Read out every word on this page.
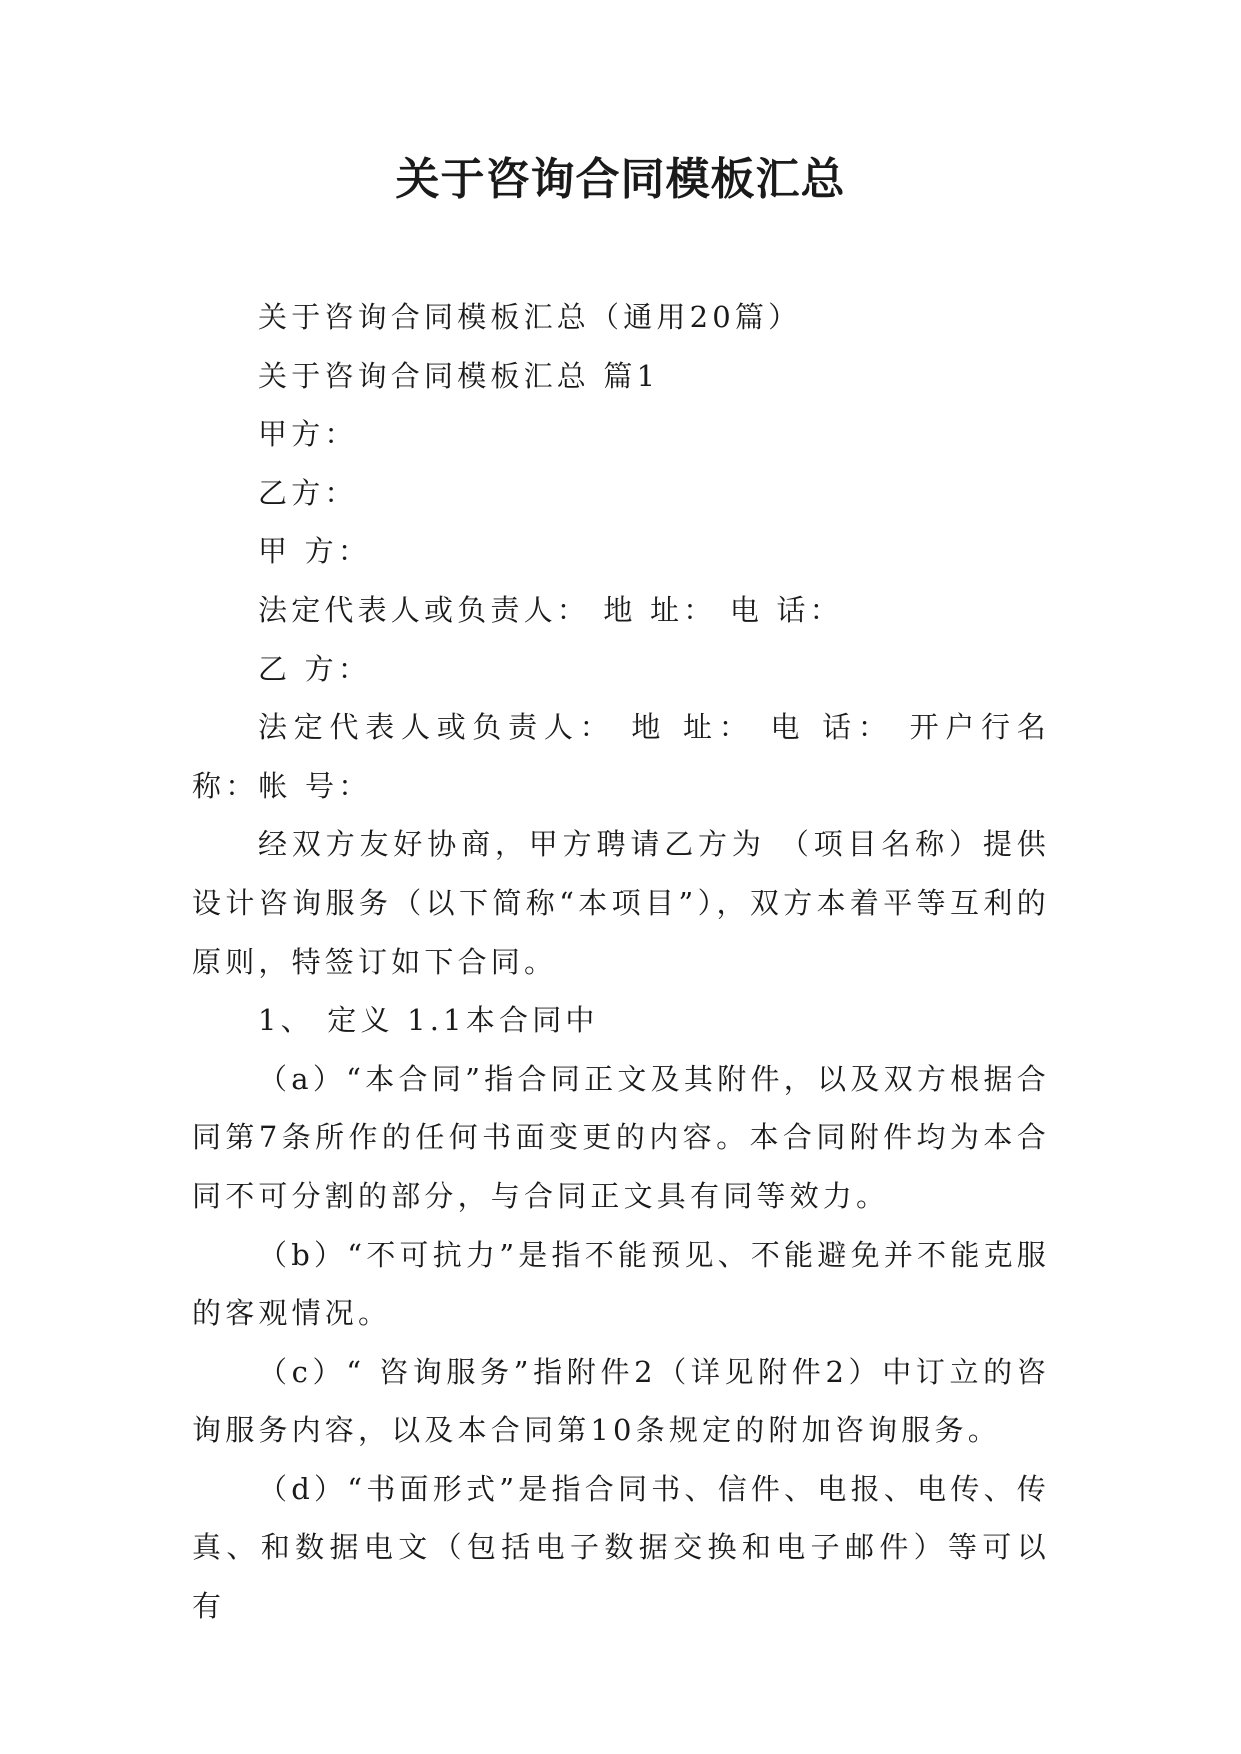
关于咨询合同模板汇总

关于咨询合同模板汇总（通用20篇）

关于咨询合同模板汇总 篇1

甲方：

乙方：

甲 方：

法定代表人或负责人： 地 址： 电 话：

乙 方：

法定代表人或负责人： 地 址： 电 话： 开户行名称：帐 号：

经双方友好协商，甲方聘请乙方为 （项目名称）提供设计咨询服务（以下简称“本项目”），双方本着平等互利的原则，特签订如下合同。

1、 定义 1.1本合同中

（a）“本合同”指合同正文及其附件，以及双方根据合同第7条所作的任何书面变更的内容。本合同附件均为本合同不可分割的部分，与合同正文具有同等效力。

（b）“不可抗力”是指不能预见、不能避免并不能克服的客观情况。

（c）“ 咨询服务”指附件2（详见附件2）中订立的咨询服务内容，以及本合同第10条规定的附加咨询服务。

（d）“书面形式”是指合同书、信件、电报、电传、传真、和数据电文（包括电子数据交换和电子邮件）等可以有
